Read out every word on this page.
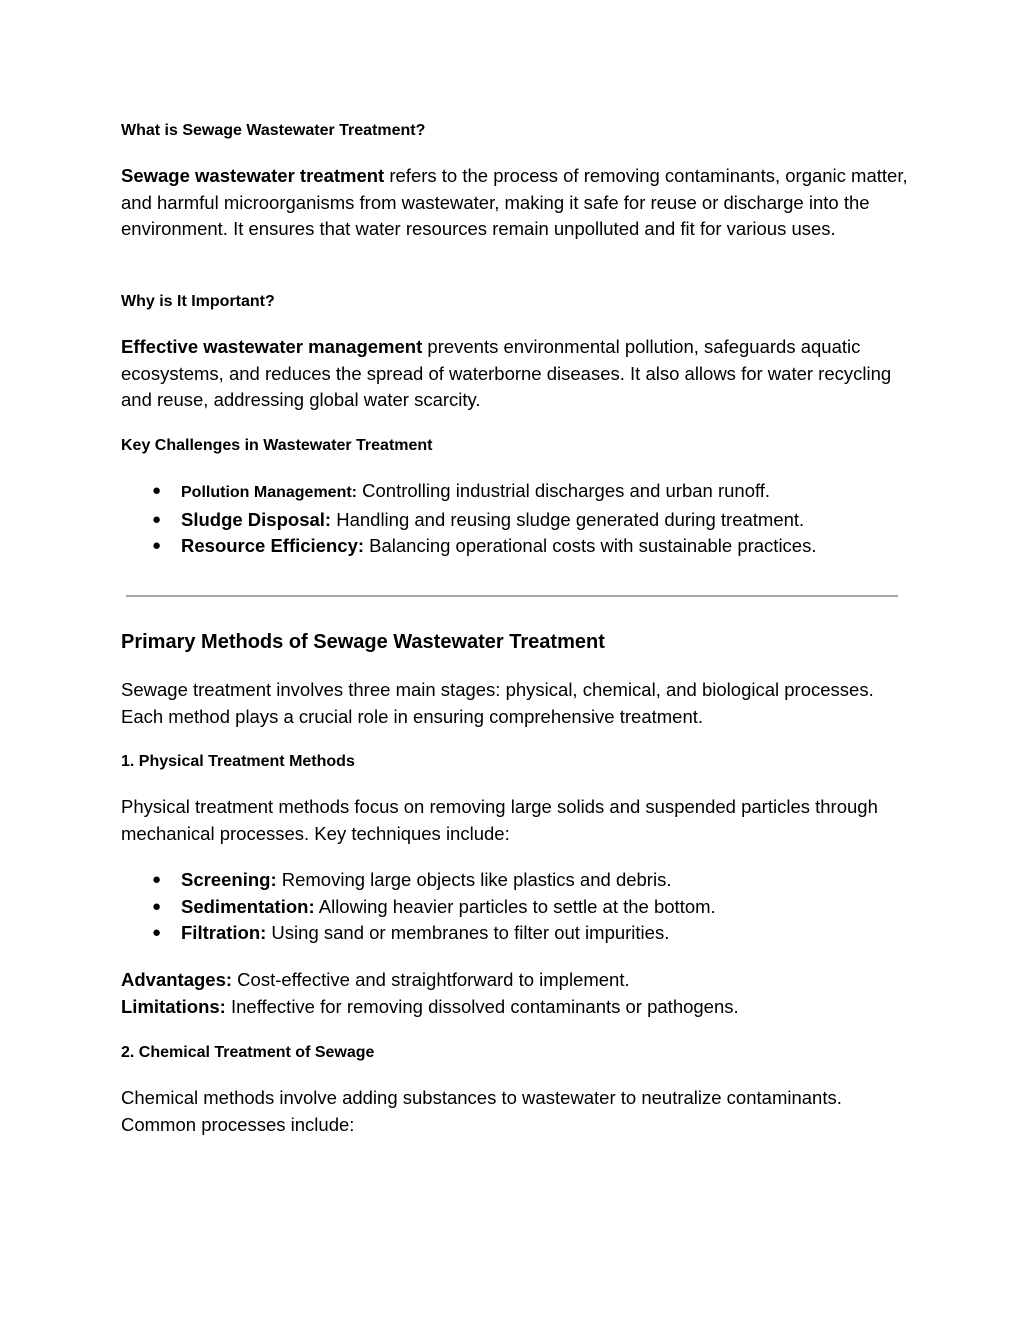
What is Sewage Wastewater Treatment?

Sewage wastewater treatment refers to the process of removing contaminants, organic matter, and harmful microorganisms from wastewater, making it safe for reuse or discharge into the environment. It ensures that water resources remain unpolluted and fit for various uses.

Why is It Important?

Effective wastewater management prevents environmental pollution, safeguards aquatic ecosystems, and reduces the spread of waterborne diseases. It also allows for water recycling and reuse, addressing global water scarcity.

Key Challenges in Wastewater Treatment
● Pollution Management: Controlling industrial discharges and urban runoff.
● Sludge Disposal: Handling and reusing sludge generated during treatment.
● Resource Efficiency: Balancing operational costs with sustainable practices.
Primary Methods of Sewage Wastewater Treatment

Sewage treatment involves three main stages: physical, chemical, and biological processes. Each method plays a crucial role in ensuring comprehensive treatment.

1. Physical Treatment Methods

Physical treatment methods focus on removing large solids and suspended particles through mechanical processes. Key techniques include:

● Screening: Removing large objects like plastics and debris.
● Sedimentation: Allowing heavier particles to settle at the bottom.
● Filtration: Using sand or membranes to filter out impurities.

Advantages: Cost-effective and straightforward to implement.
Limitations: Ineffective for removing dissolved contaminants or pathogens.

2. Chemical Treatment of Sewage

Chemical methods involve adding substances to wastewater to neutralize contaminants. Common processes include:
